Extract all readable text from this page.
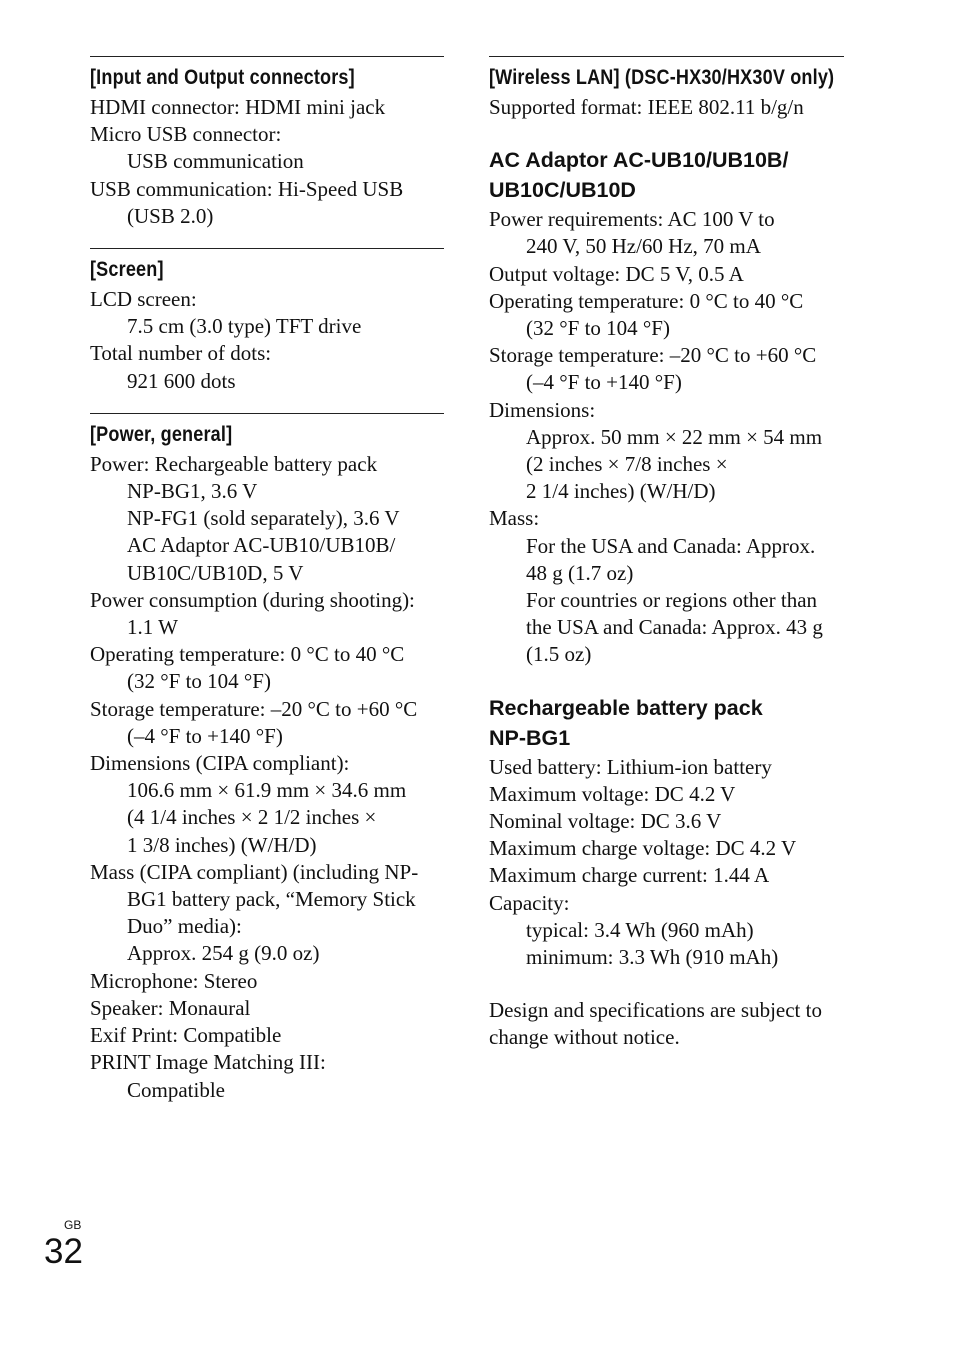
[Input and Output connectors]
HDMI connector: HDMI mini jack
Micro USB connector:
USB communication
USB communication: Hi-Speed USB
(USB 2.0)
[Screen]
LCD screen:
7.5 cm (3.0 type) TFT drive
Total number of dots:
921 600 dots
[Power, general]
Power: Rechargeable battery pack
NP-BG1, 3.6 V
NP-FG1 (sold separately), 3.6 V
AC Adaptor AC-UB10/UB10B/
UB10C/UB10D, 5 V
Power consumption (during shooting):
1.1 W
Operating temperature: 0 °C to 40 °C
(32 °F to 104 °F)
Storage temperature: –20 °C to +60 °C
(–4 °F to +140 °F)
Dimensions (CIPA compliant):
106.6 mm × 61.9 mm × 34.6 mm
(4 1/4 inches × 2 1/2 inches ×
1 3/8 inches) (W/H/D)
Mass (CIPA compliant) (including NP-
BG1 battery pack, “Memory Stick
Duo” media):
Approx. 254 g (9.0 oz)
Microphone: Stereo
Speaker: Monaural
Exif Print: Compatible
PRINT Image Matching III:
Compatible
[Wireless LAN] (DSC-HX30/HX30V only)
Supported format: IEEE 802.11 b/g/n
AC Adaptor AC-UB10/UB10B/
UB10C/UB10D
Power requirements: AC 100 V to
240 V, 50 Hz/60 Hz, 70 mA
Output voltage: DC 5 V, 0.5 A
Operating temperature: 0 °C to 40 °C
(32 °F to 104 °F)
Storage temperature: –20 °C to +60 °C
(–4 °F to +140 °F)
Dimensions:
Approx. 50 mm × 22 mm × 54 mm
(2 inches × 7/8 inches ×
2 1/4 inches) (W/H/D)
Mass:
For the USA and Canada: Approx.
48 g (1.7 oz)
For countries or regions other than
the USA and Canada: Approx. 43 g
(1.5 oz)
Rechargeable battery pack
NP-BG1
Used battery: Lithium-ion battery
Maximum voltage: DC 4.2 V
Nominal voltage: DC 3.6 V
Maximum charge voltage: DC 4.2 V
Maximum charge current: 1.44 A
Capacity:
typical: 3.4 Wh (960 mAh)
minimum: 3.3 Wh (910 mAh)
Design and specifications are subject to
change without notice.
GB
32
